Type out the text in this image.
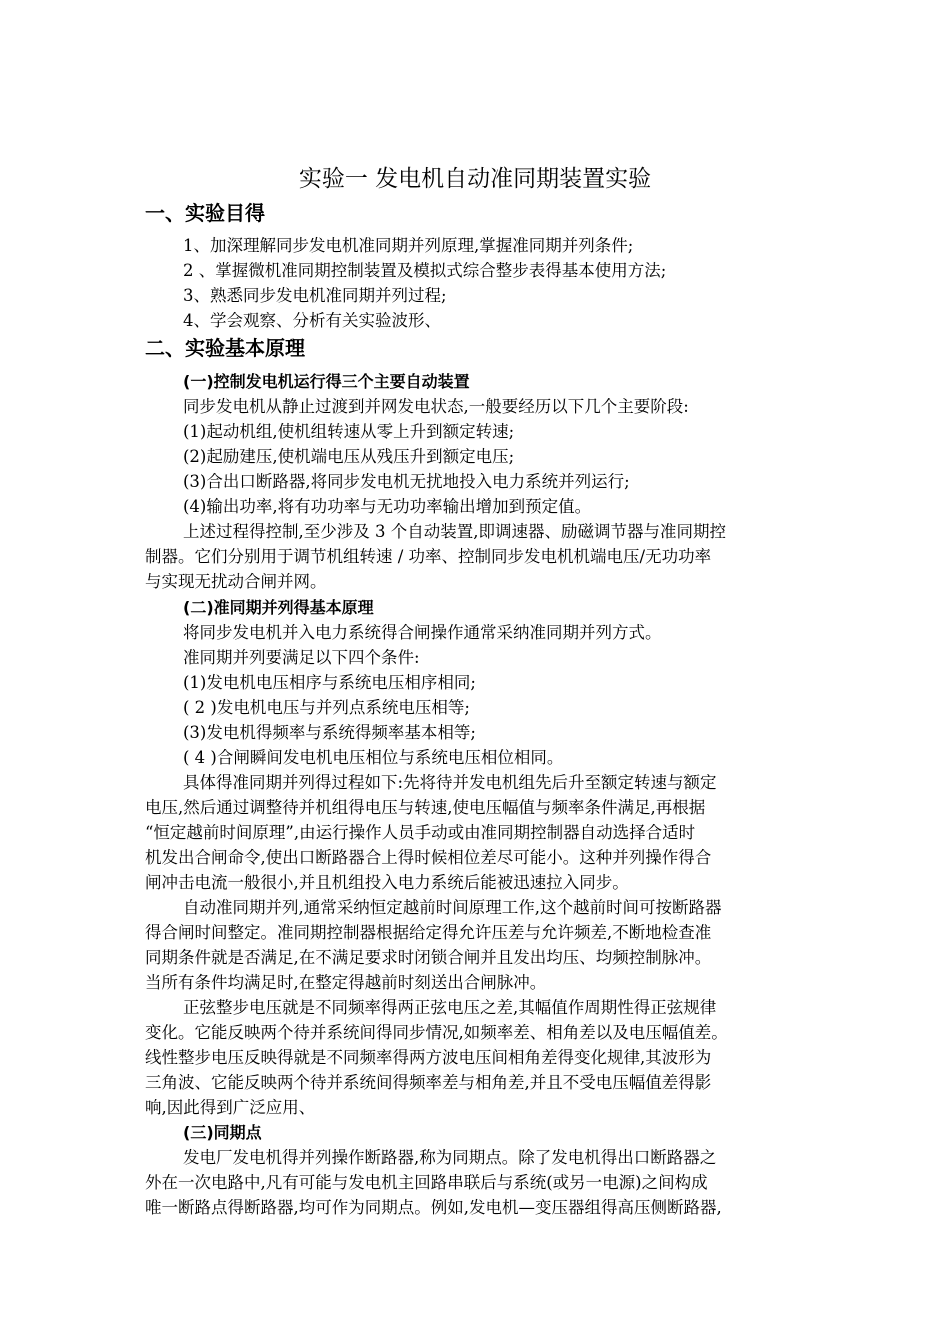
实验一 发电机自动准同期装置实验
一、实验目得
1、加深理解同步发电机准同期并列原理,掌握准同期并列条件;
2 、掌握微机准同期控制装置及模拟式综合整步表得基本使用方法;
3、熟悉同步发电机准同期并列过程;
4、学会观察、分析有关实验波形、
二、实验基本原理
(一)控制发电机运行得三个主要自动装置
同步发电机从静止过渡到并网发电状态,一般要经历以下几个主要阶段:
(1)起动机组,使机组转速从零上升到额定转速;
(2)起励建压,使机端电压从残压升到额定电压;
(3)合出口断路器,将同步发电机无扰地投入电力系统并列运行;
(4)输出功率,将有功功率与无功功率输出增加到预定值。
上述过程得控制,至少涉及 3 个自动装置,即调速器、励磁调节器与准同期控
制器。它们分别用于调节机组转速 / 功率、控制同步发电机机端电压/无功功率
与实现无扰动合闸并网。
(二)准同期并列得基本原理
将同步发电机并入电力系统得合闸操作通常采纳准同期并列方式。
准同期并列要满足以下四个条件:
(1)发电机电压相序与系统电压相序相同;
( 2 )发电机电压与并列点系统电压相等;
(3)发电机得频率与系统得频率基本相等;
( 4 )合闸瞬间发电机电压相位与系统电压相位相同。
具体得准同期并列得过程如下:先将待并发电机组先后升至额定转速与额定
电压,然后通过调整待并机组得电压与转速,使电压幅值与频率条件满足,再根据
“恒定越前时间原理”,由运行操作人员手动或由准同期控制器自动选择合适时
机发出合闸命令,使出口断路器合上得时候相位差尽可能小。这种并列操作得合
闸冲击电流一般很小,并且机组投入电力系统后能被迅速拉入同步。
自动准同期并列,通常采纳恒定越前时间原理工作,这个越前时间可按断路器
得合闸时间整定。准同期控制器根据给定得允许压差与允许频差,不断地检查准
同期条件就是否满足,在不满足要求时闭锁合闸并且发出均压、均频控制脉冲。
当所有条件均满足时,在整定得越前时刻送出合闸脉冲。
正弦整步电压就是不同频率得两正弦电压之差,其幅值作周期性得正弦规律
变化。它能反映两个待并系统间得同步情况,如频率差、相角差以及电压幅值差。
线性整步电压反映得就是不同频率得两方波电压间相角差得变化规律,其波形为
三角波、它能反映两个待并系统间得频率差与相角差,并且不受电压幅值差得影
响,因此得到广泛应用、
(三)同期点
发电厂发电机得并列操作断路器,称为同期点。除了发电机得出口断路器之
外在一次电路中,凡有可能与发电机主回路串联后与系统(或另一电源)之间构成
唯一断路点得断路器,均可作为同期点。例如,发电机—变压器组得高压侧断路器,
